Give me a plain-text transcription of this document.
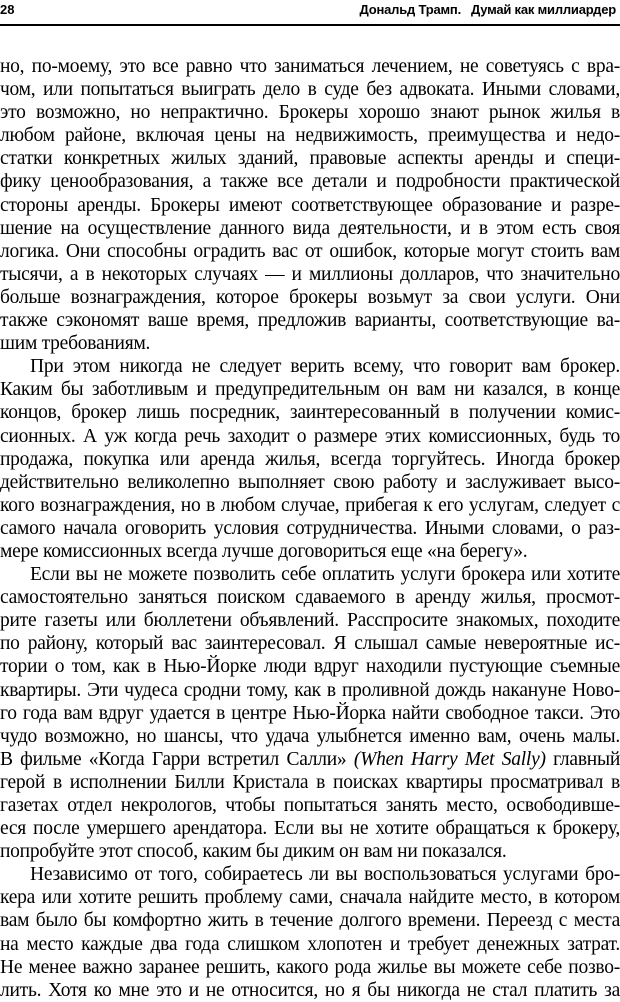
28	Дональд Трамп. Думай как миллиардер
но, по-моему, это все равно что заниматься лечением, не советуясь с вра-
чом, или попытаться выиграть дело в суде без адвоката. Иными словами,
это возможно, но непрактично. Брокеры хорошо знают рынок жилья в
любом районе, включая цены на недвижимость, преимущества и недо-
статки конкретных жилых зданий, правовые аспекты аренды и специ-
фику ценообразования, а также все детали и подробности практической
стороны аренды. Брокеры имеют соответствующее образование и разре-
шение на осуществление данного вида деятельности, и в этом есть своя
логика. Они способны оградить вас от ошибок, которые могут стоить вам
тысячи, а в некоторых случаях — и миллионы долларов, что значительно
больше вознаграждения, которое брокеры возьмут за свои услуги. Они
также сэкономят ваше время, предложив варианты, соответствующие ва-
шим требованиям.
При этом никогда не следует верить всему, что говорит вам брокер.
Каким бы заботливым и предупредительным он вам ни казался, в конце
концов, брокер лишь посредник, заинтересованный в получении комис-
сионных. А уж когда речь заходит о размере этих комиссионных, будь то
продажа, покупка или аренда жилья, всегда торгуйтесь. Иногда брокер
действительно великолепно выполняет свою работу и заслуживает высо-
кого вознаграждения, но в любом случае, прибегая к его услугам, следует с
самого начала оговорить условия сотрудничества. Иными словами, о раз-
мере комиссионных всегда лучше договориться еще «на берегу».
Если вы не можете позволить себе оплатить услуги брокера или хотите
самостоятельно заняться поиском сдаваемого в аренду жилья, просмот-
рите газеты или бюллетени объявлений. Расспросите знакомых, походите
по району, который вас заинтересовал. Я слышал самые невероятные ис-
тории о том, как в Нью-Йорке люди вдруг находили пустующие съемные
квартиры. Эти чудеса сродни тому, как в проливной дождь накануне Ново-
го года вам вдруг удается в центре Нью-Йорка найти свободное такси. Это
чудо возможно, но шансы, что удача улыбнется именно вам, очень малы.
В фильме «Когда Гарри встретил Салли» (When Harry Met Sally) главный
герой в исполнении Билли Кристала в поисках квартиры просматривал в
газетах отдел некрологов, чтобы попытаться занять место, освободивше-
еся после умершего арендатора. Если вы не хотите обращаться к брокеру,
попробуйте этот способ, каким бы диким он вам ни показался.
Независимо от того, собираетесь ли вы воспользоваться услугами бро-
кера или хотите решить проблему сами, сначала найдите место, в котором
вам было бы комфортно жить в течение долгого времени. Переезд с места
на место каждые два года слишком хлопотен и требует денежных затрат.
Не менее важно заранее решить, какого рода жилье вы можете себе позво-
лить. Хотя ко мне это и не относится, но я бы никогда не стал платить за
